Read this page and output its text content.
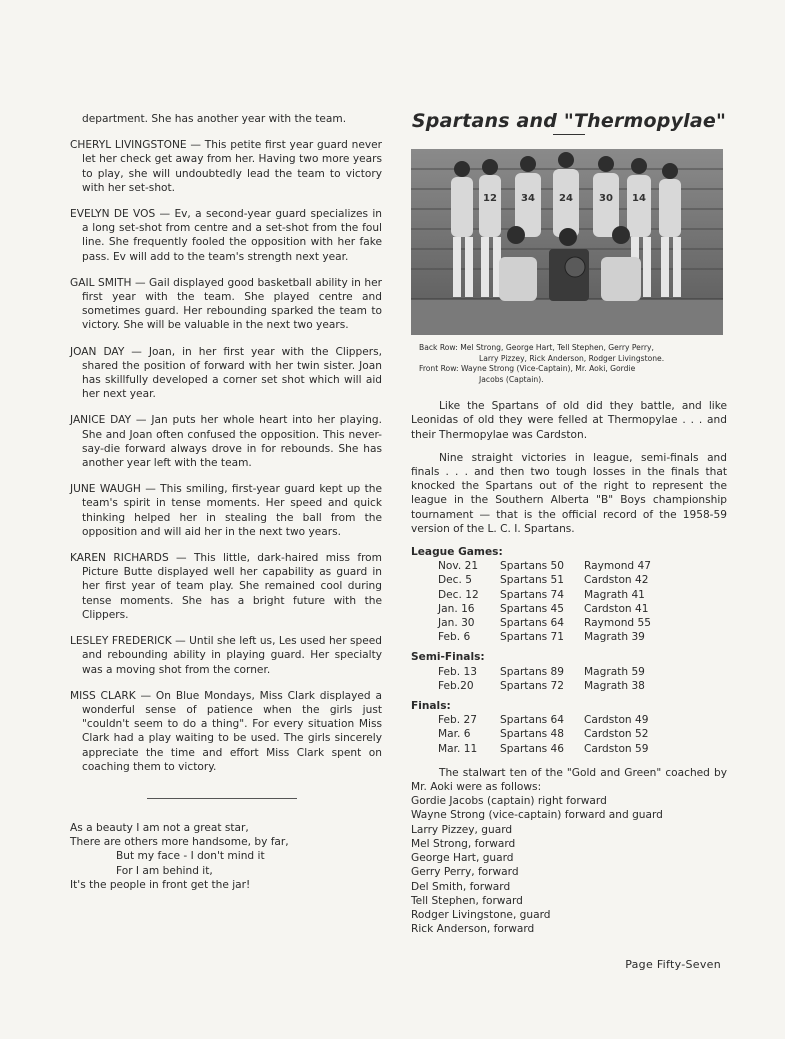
department. She has another year with the team.

CHERYL LIVINGSTONE — This petite first year guard never let her check get away from her. Having two more years to play, she will undoubtedly lead the team to victory with her set-shot.

EVELYN DE VOS — Ev, a second-year guard specializes in a long set-shot from centre and a set-shot from the foul line. She frequently fooled the opposition with her fake pass. Ev will add to the team's strength next year.

GAIL SMITH — Gail displayed good basketball ability in her first year with the team. She played centre and sometimes guard. Her rebounding sparked the team to victory. She will be valuable in the next two years.

JOAN DAY — Joan, in her first year with the Clippers, shared the position of forward with her twin sister. Joan has skillfully developed a corner set shot which will aid her next year.

JANICE DAY — Jan puts her whole heart into her playing. She and Joan often confused the opposition. This never-say-die forward always drove in for rebounds. She has another year left with the team.

JUNE WAUGH — This smiling, first-year guard kept up the team's spirit in tense moments. Her speed and quick thinking helped her in stealing the ball from the opposition and will aid her in the next two years.

KAREN RICHARDS — This little, dark-haired miss from Picture Butte displayed well her capability as guard in her first year of team play. She remained cool during tense moments. She has a bright future with the Clippers.

LESLEY FREDERICK — Until she left us, Les used her speed and rebounding ability in playing guard. Her specialty was a moving shot from the corner.

MISS CLARK — On Blue Mondays, Miss Clark displayed a wonderful sense of patience when the girls just "couldn't seem to do a thing". For every situation Miss Clark had a play waiting to be used. The girls sincerely appreciate the time and effort Miss Clark spent on coaching them to victory.

As a beauty I am not a great star,
There are others more handsome, by far,
But my face - I don't mind it
For I am behind it,
It's the people in front get the jar!
Spartans and "Thermopylae"
12 34 24	30 14
Back Row: Mel Strong, George Hart, Tell Stephen, Gerry Perry,
Larry Pizzey, Rick Anderson, Rodger Livingstone.
Front Row: Wayne Strong (Vice-Captain), Mr. Aoki, Gordie
Jacobs (Captain).

Like the Spartans of old did they battle, and like Leonidas of old they were felled at Thermopylae . . . and their Thermopylae was Cardston.

Nine straight victories in league, semi-finals and finals . . . and then two tough losses in the finals that knocked the Spartans out of the right to represent the league in the Southern Alberta "B" Boys championship tournament — that is the official record of the 1958-59 version of the L. C. I. Spartans.

League Games:
Nov. 21	Spartans 50	Raymond 47
Dec. 5	Spartans 51	Cardston 42
Dec. 12	Spartans 74	Magrath 41
Jan. 16	Spartans 45	Cardston 41
Jan. 30	Spartans 64	Raymond 55
Feb. 6	Spartans 71	Magrath 39
Semi-Finals:
Feb. 13	Spartans 89	Magrath 59
Feb.20	Spartans 72	Magrath 38
Finals:
Feb. 27	Spartans 64	Cardston 49
Mar. 6	Spartans 48	Cardston 52
Mar. 11	Spartans 46	Cardston 59

The stalwart ten of the "Gold and Green" coached by Mr. Aoki were as follows:

Gordie Jacobs (captain) right forward
Wayne Strong (vice-captain) forward and guard
Larry Pizzey, guard
Mel Strong, forward
George Hart, guard
Gerry Perry, forward
Del Smith, forward
Tell Stephen, forward
Rodger Livingstone, guard
Rick Anderson, forward
Page Fifty-Seven
